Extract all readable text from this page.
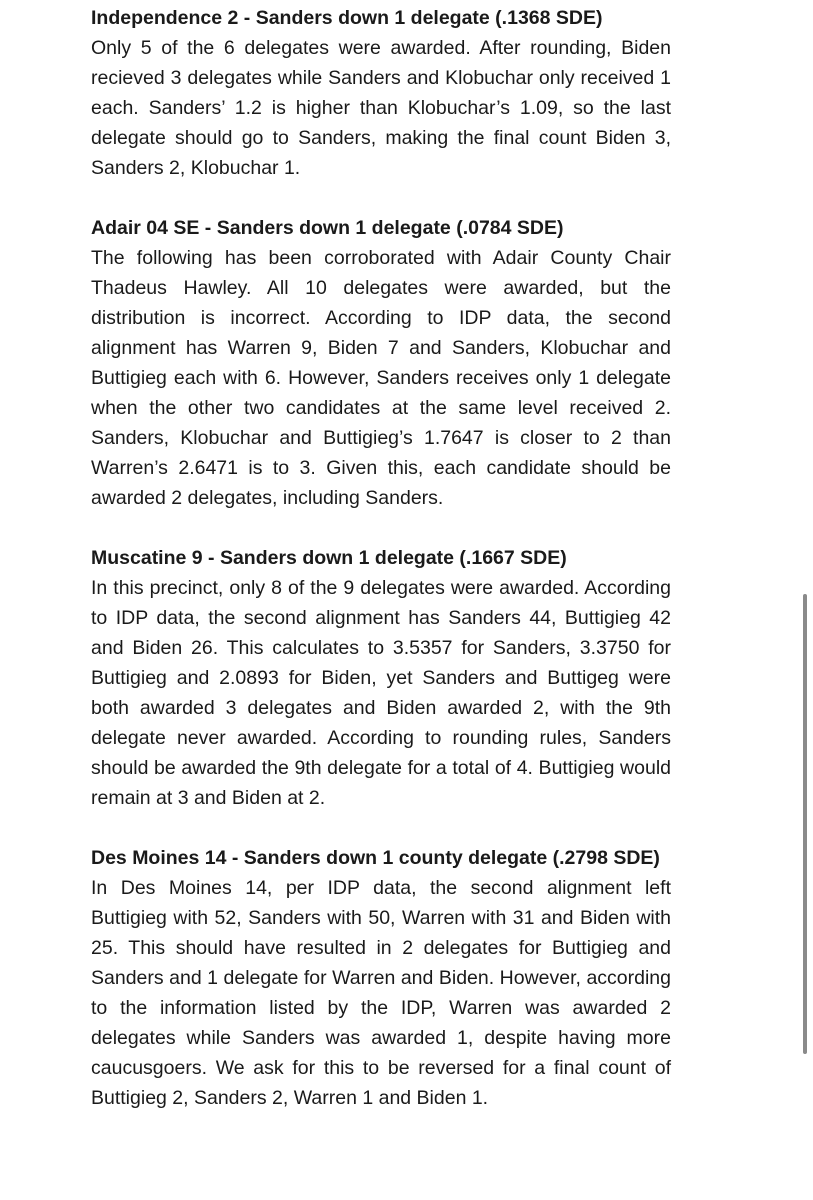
Independence 2 - Sanders down 1 delegate (.1368 SDE)

Only 5 of the 6 delegates were awarded. After rounding, Biden recieved 3 delegates while Sanders and Klobuchar only received 1 each. Sanders’ 1.2 is higher than Klobuchar’s 1.09, so the last delegate should go to Sanders, making the final count Biden 3, Sanders 2, Klobuchar 1.

Adair 04 SE - Sanders down 1 delegate (.0784 SDE)

The following has been corroborated with Adair County Chair Thadeus Hawley. All 10 delegates were awarded, but the distribution is incorrect. According to IDP data, the second alignment has Warren 9, Biden 7 and Sanders, Klobuchar and Buttigieg each with 6. However, Sanders receives only 1 delegate when the other two candidates at the same level received 2. Sanders, Klobuchar and Buttigieg’s 1.7647 is closer to 2 than Warren’s 2.6471 is to 3. Given this, each candidate should be awarded 2 delegates, including Sanders.

Muscatine 9 - Sanders down 1 delegate (.1667 SDE)

In this precinct, only 8 of the 9 delegates were awarded. According to IDP data, the second alignment has Sanders 44, Buttigieg 42 and Biden 26. This calculates to 3.5357 for Sanders, 3.3750 for Buttigieg and 2.0893 for Biden, yet Sanders and Buttigeg were both awarded 3 delegates and Biden awarded 2, with the 9th delegate never awarded. According to rounding rules, Sanders should be awarded the 9th delegate for a total of 4. Buttigieg would remain at 3 and Biden at 2.

Des Moines 14 - Sanders down 1 county delegate (.2798 SDE)

In Des Moines 14, per IDP data, the second alignment left Buttigieg with 52, Sanders with 50, Warren with 31 and Biden with 25. This should have resulted in 2 delegates for Buttigieg and Sanders and 1 delegate for Warren and Biden. However, according to the information listed by the IDP, Warren was awarded 2 delegates while Sanders was awarded 1, despite having more caucusgoers. We ask for this to be reversed for a final count of Buttigieg 2, Sanders 2, Warren 1 and Biden 1.
